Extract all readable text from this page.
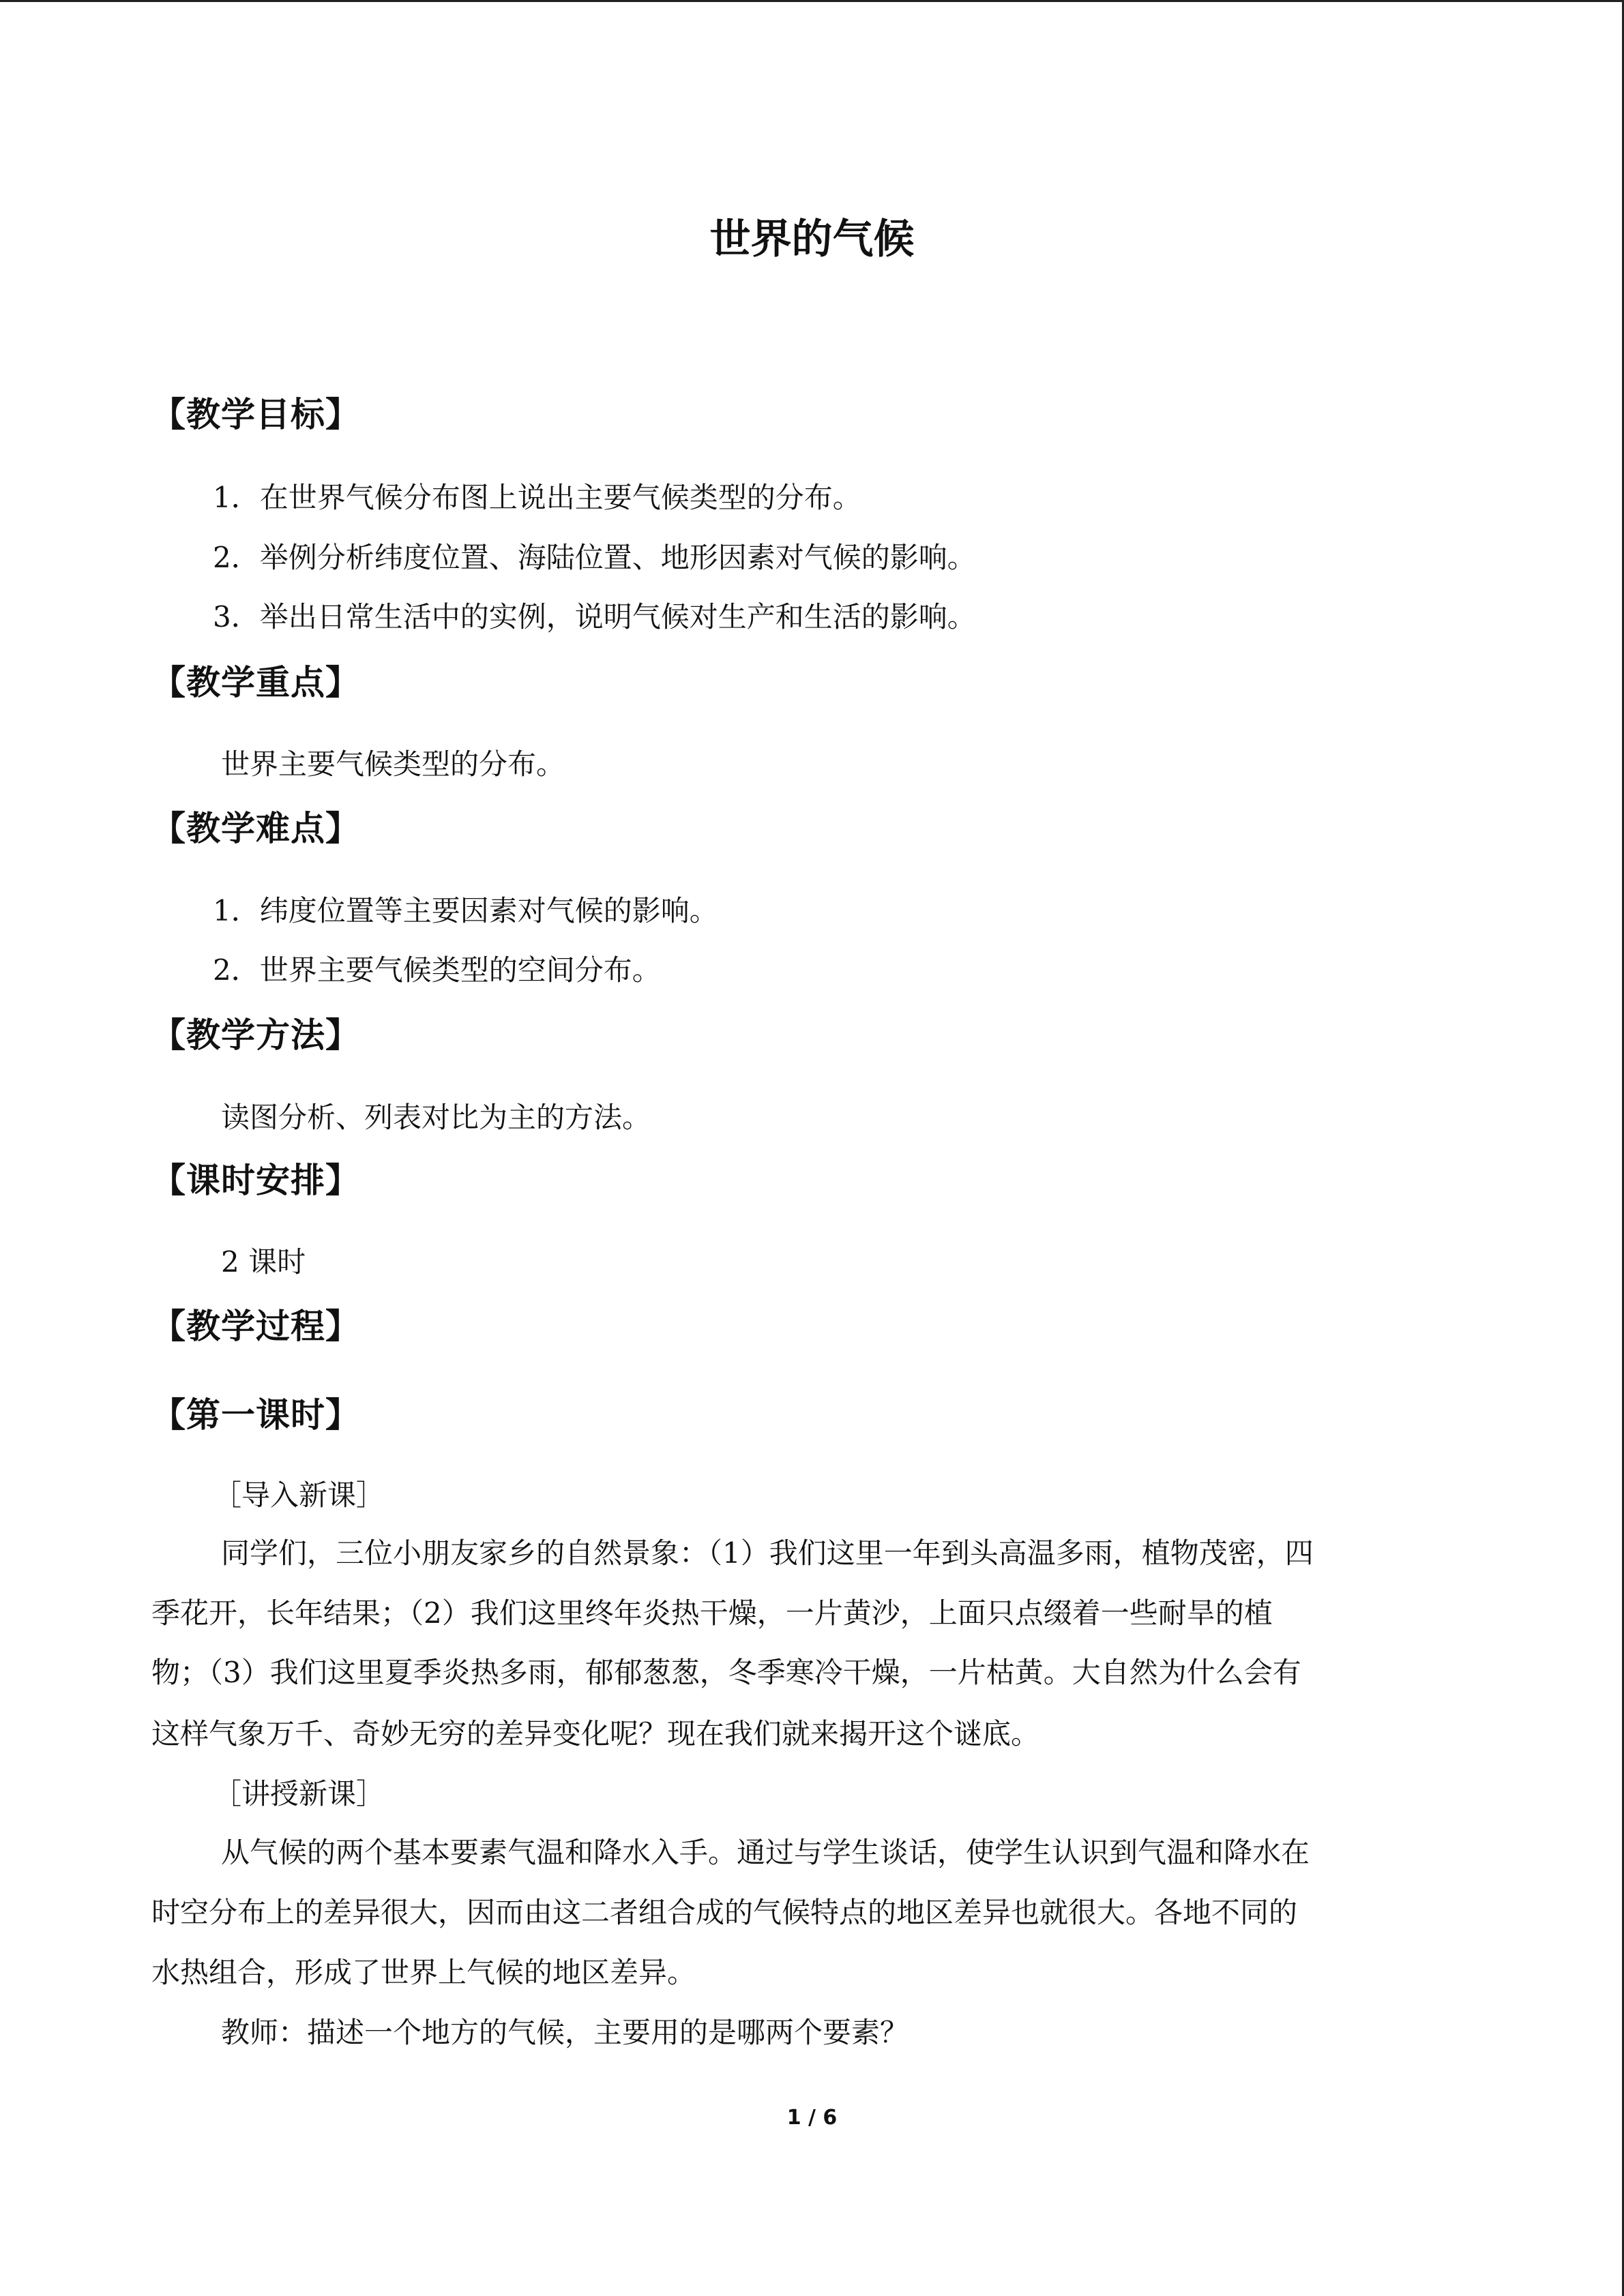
世界的气候
【教学目标】
1．在世界气候分布图上说出主要气候类型的分布。
2．举例分析纬度位置、海陆位置、地形因素对气候的影响。
3．举出日常生活中的实例，说明气候对生产和生活的影响。
【教学重点】
世界主要气候类型的分布。
【教学难点】
1．纬度位置等主要因素对气候的影响。
2．世界主要气候类型的空间分布。
【教学方法】
读图分析、列表对比为主的方法。
【课时安排】
2 课时
【教学过程】
【第一课时】
［导入新课］
同学们，三位小朋友家乡的自然景象：（1）我们这里一年到头高温多雨，植物茂密，四
季花开，长年结果；（2）我们这里终年炎热干燥，一片黄沙，上面只点缀着一些耐旱的植
物；（3）我们这里夏季炎热多雨，郁郁葱葱，冬季寒冷干燥，一片枯黄。大自然为什么会有
这样气象万千、奇妙无穷的差异变化呢？现在我们就来揭开这个谜底。
［讲授新课］
从气候的两个基本要素气温和降水入手。通过与学生谈话，使学生认识到气温和降水在
时空分布上的差异很大，因而由这二者组合成的气候特点的地区差异也就很大。各地不同的
水热组合，形成了世界上气候的地区差异。
教师：描述一个地方的气候，主要用的是哪两个要素？
1 / 6
